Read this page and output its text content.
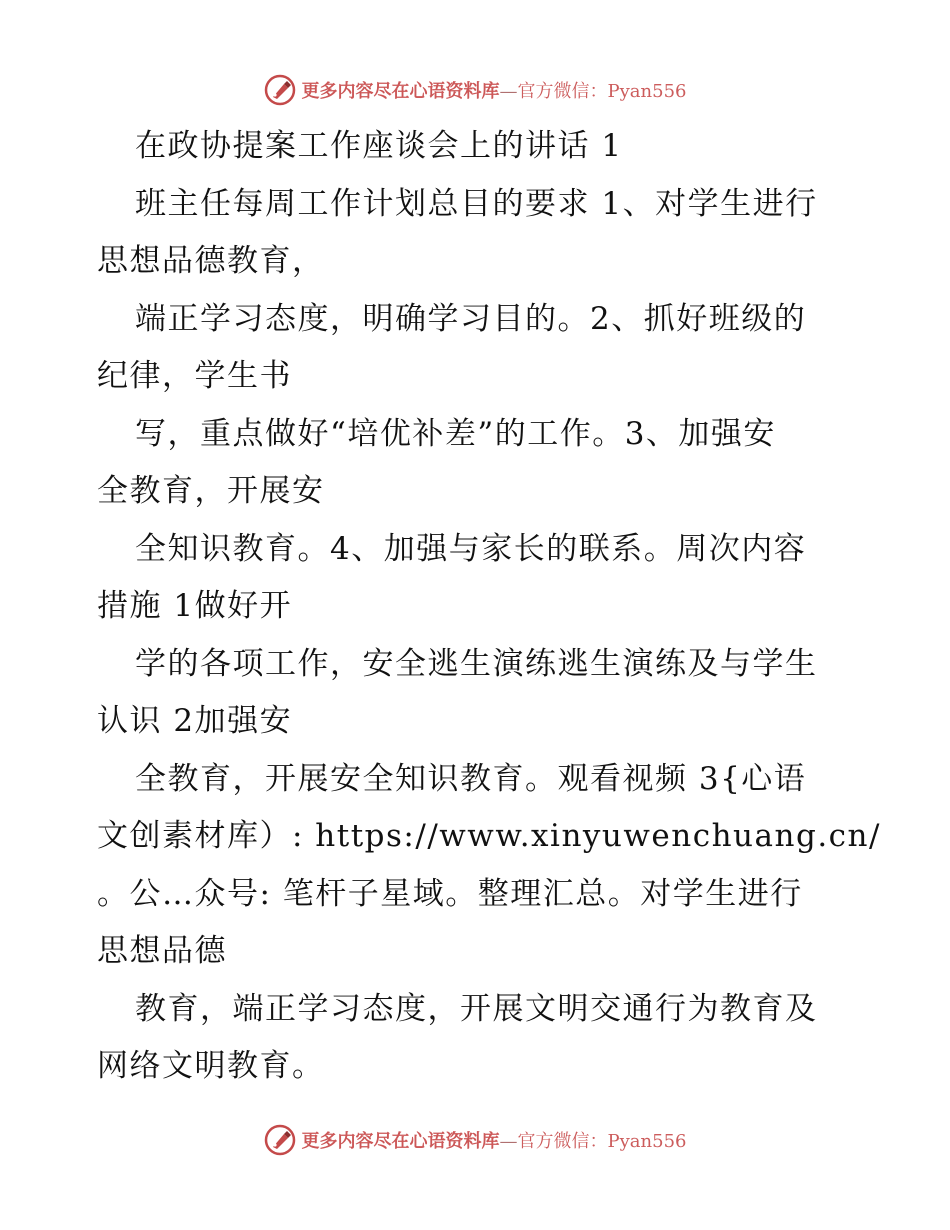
更多内容尽在心语资料库—官方微信：Pyan556
在政协提案工作座谈会上的讲话 1
班主任每周工作计划总目的要求 1、对学生进行
思想品德教育，
端正学习态度，明确学习目的。2、抓好班级的
纪律，学生书
写，重点做好“培优补差”的工作。3、加强安
全教育，开展安
全知识教育。4、加强与家长的联系。周次内容
措施 1做好开
学的各项工作，安全逃生演练逃生演练及与学生
认识 2加强安
全教育，开展安全知识教育。观看视频 3{心语
文创素材库）: https://www.xinyuwenchuang.cn/
。公…众号: 笔杆子星域。整理汇总。对学生进行
思想品德
教育，端正学习态度，开展文明交通行为教育及
网络文明教育。
更多内容尽在心语资料库—官方微信：Pyan556
